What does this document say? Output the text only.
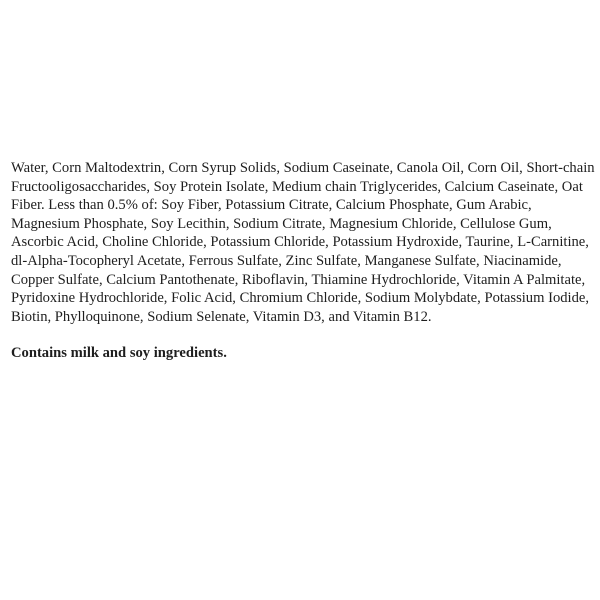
Water, Corn Maltodextrin, Corn Syrup Solids, Sodium Caseinate, Canola Oil, Corn Oil, Short-chain Fructooligosaccharides, Soy Protein Isolate, Medium chain Triglycerides, Calcium Caseinate, Oat Fiber. Less than 0.5% of: Soy Fiber, Potassium Citrate, Calcium Phosphate, Gum Arabic, Magnesium Phosphate, Soy Lecithin, Sodium Citrate, Magnesium Chloride, Cellulose Gum, Ascorbic Acid, Choline Chloride, Potassium Chloride, Potassium Hydroxide, Taurine, L-Carnitine, dl-Alpha-Tocopheryl Acetate, Ferrous Sulfate, Zinc Sulfate, Manganese Sulfate, Niacinamide, Copper Sulfate, Calcium Pantothenate, Riboflavin, Thiamine Hydrochloride, Vitamin A Palmitate, Pyridoxine Hydrochloride, Folic Acid, Chromium Chloride, Sodium Molybdate, Potassium Iodide, Biotin, Phylloquinone, Sodium Selenate, Vitamin D3, and Vitamin B12.

Contains milk and soy ingredients.
